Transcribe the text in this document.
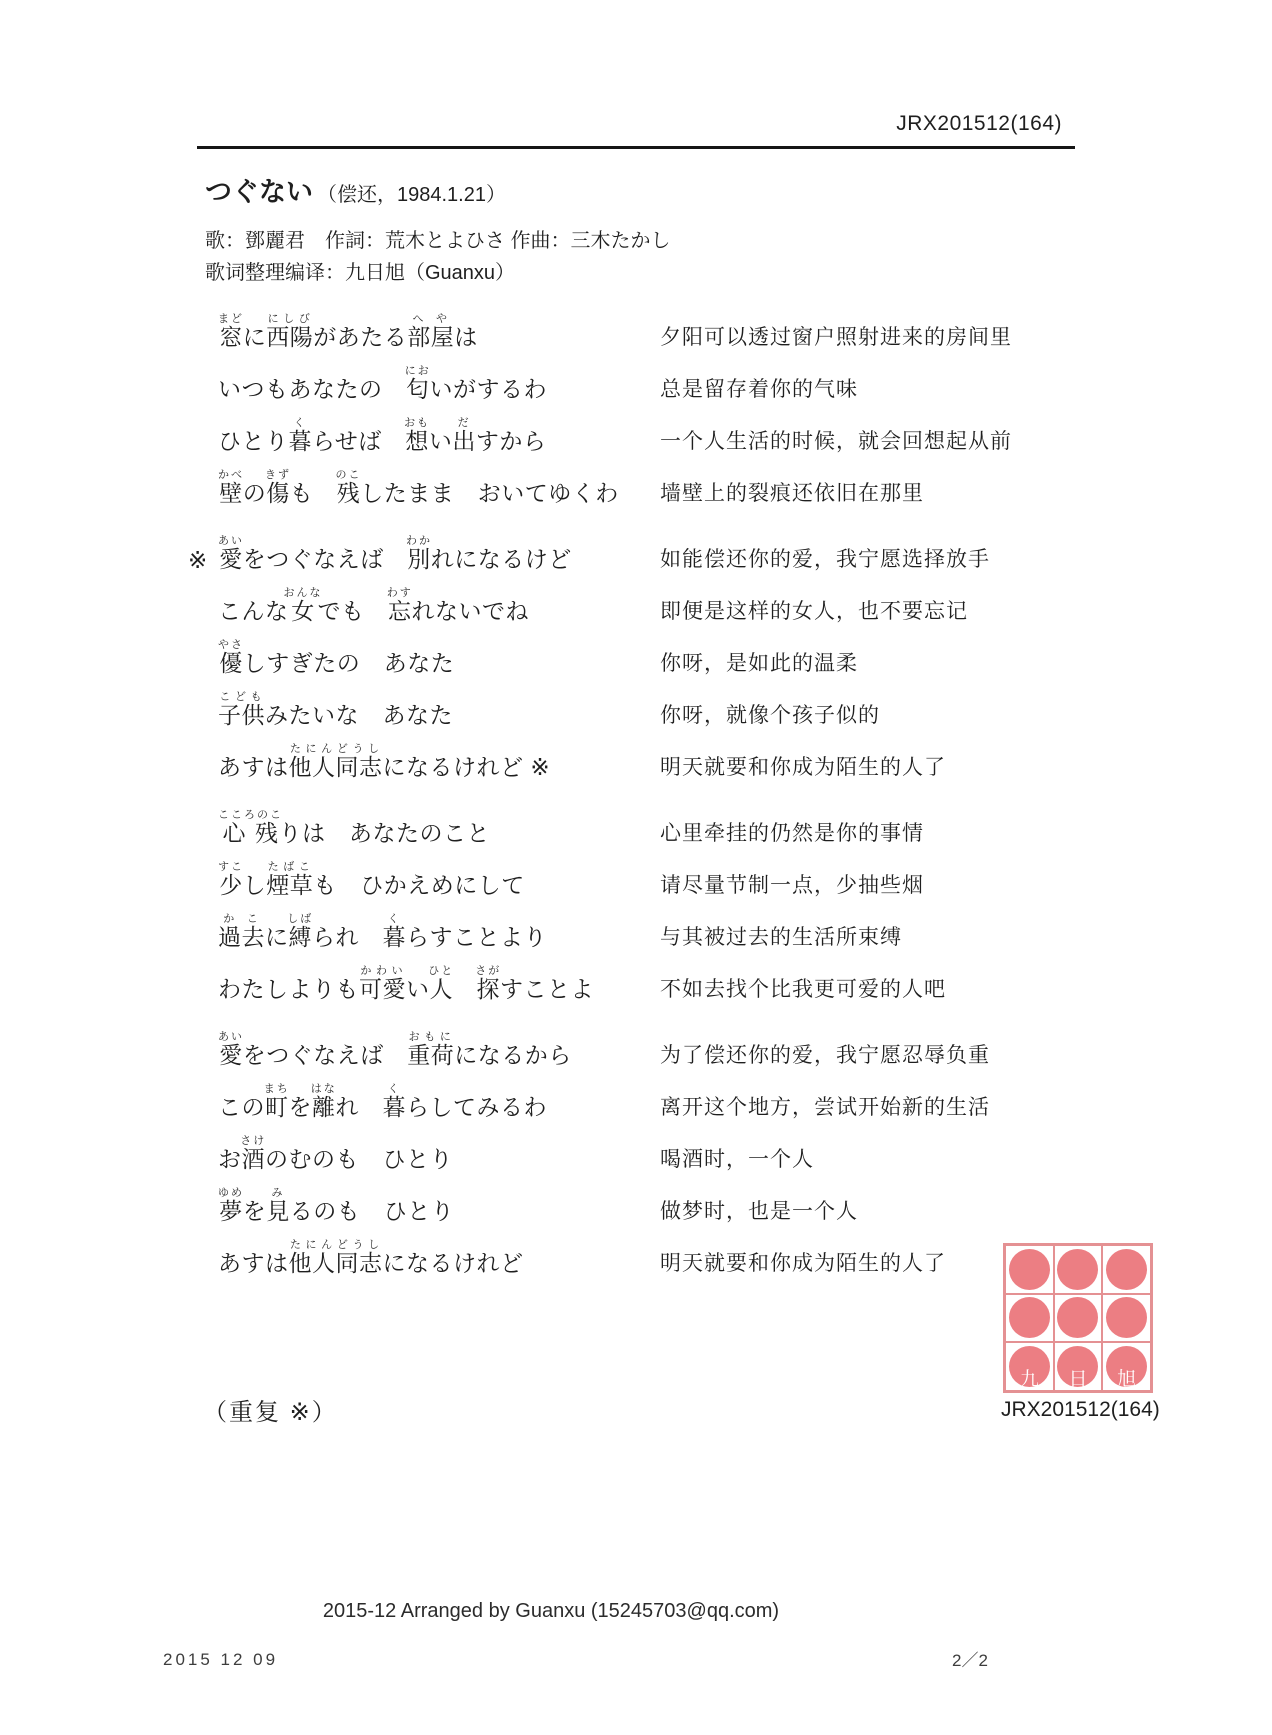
JRX201512(164)
つぐない （偿还，1984.1.21）
歌：鄧麗君　作詞：荒木とよひさ 作曲：三木たかし
歌词整理编译：九日旭（Guanxu）
窓まどに西陽にしびがあたる部屋へやは	夕阳可以透过窗户照射进来的房间里
いつもあなたの　匂においがするわ	总是留存着你的气味
ひとり暮くらせば　想おもい出だすから	一个人生活的时候，就会回想起从前
壁かべの傷きずも　残のこしたまま　おいてゆくわ	墙壁上的裂痕还依旧在那里
※ 愛あいをつぐなえば　別わかれになるけど	如能偿还你的爱，我宁愿选择放手
こんな女おんなでも　忘わすれないでね	即便是这样的女人，也不要忘记
優やさしすぎたの　あなた	你呀，是如此的温柔
子供こどもみたいな　あなた	你呀，就像个孩子似的
あすは他人同志たにんどうしになるけれど ※	明天就要和你成为陌生的人了
心残こころのこりは　あなたのこと	心里牵挂的仍然是你的事情
少すこし煙草たばこも　ひかえめにして	请尽量节制一点，少抽些烟
過去かこに縛しばられ　暮くらすことより	与其被过去的生活所束缚
わたしよりも可愛かわいい人ひと　探さがすことよ	不如去找个比我更可爱的人吧
愛あいをつぐなえば　重荷おもにになるから	为了偿还你的爱，我宁愿忍辱负重
この町まちを離はなれ　暮くらしてみるわ	离开这个地方，尝试开始新的生活
お酒さけのむのも　ひとり	喝酒时，一个人
夢ゆめを見みるのも　ひとり	做梦时，也是一个人
あすは他人同志たにんどうしになるけれど	明天就要和你成为陌生的人了
（重复 ※）
九 日 旭
JRX201512(164)
2015-12 Arranged by Guanxu (15245703@qq.com)
2015 12 09	2／2
